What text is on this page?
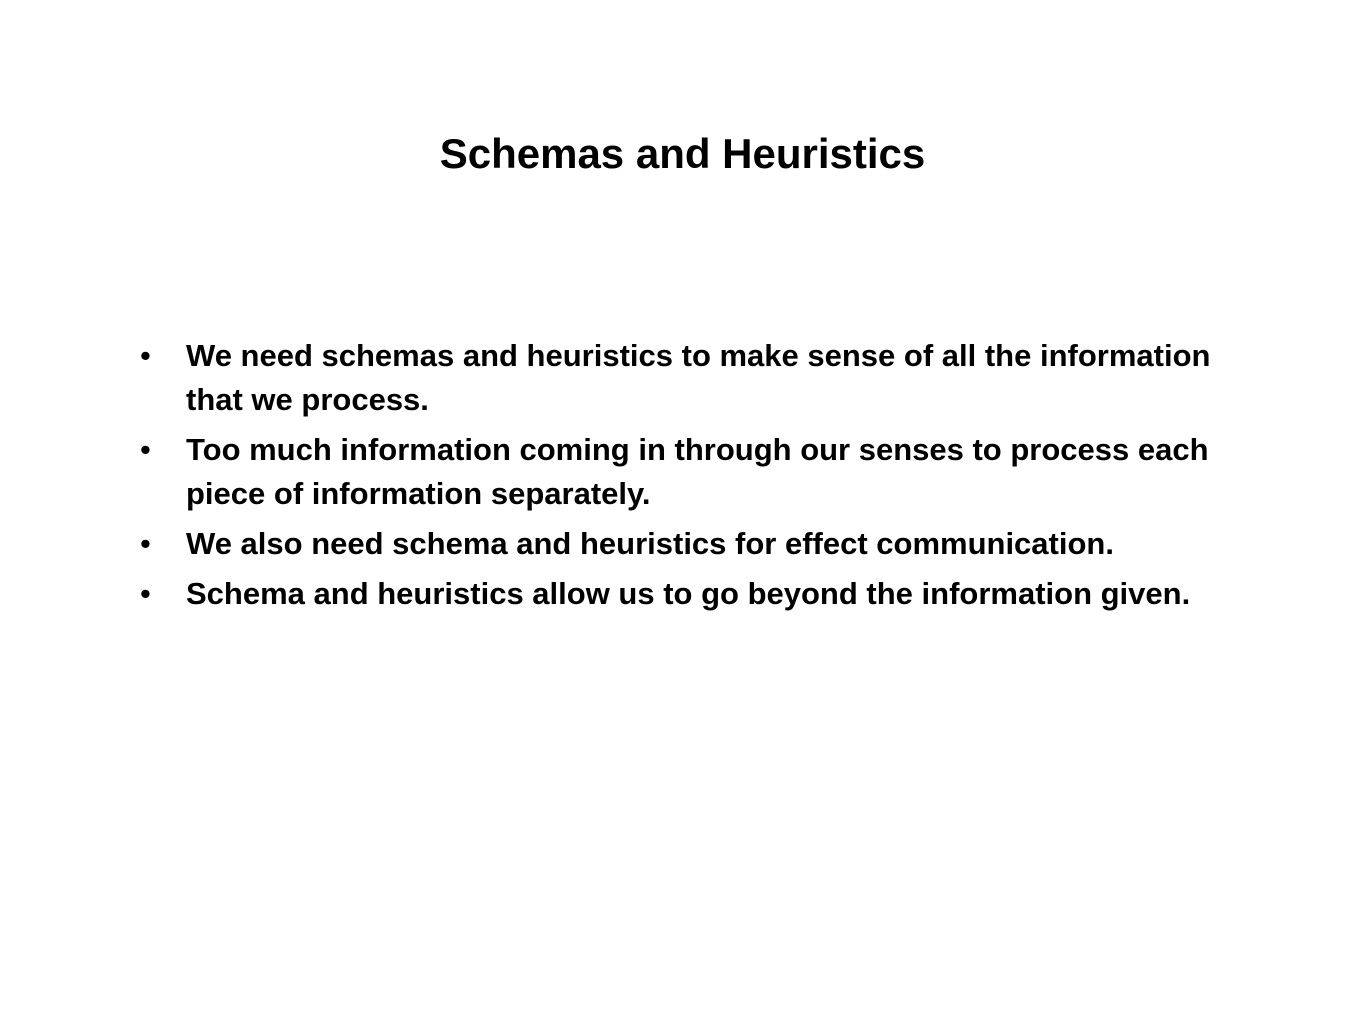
Schemas and Heuristics
• We need schemas and heuristics to make sense of all the information that we process.
• Too much information coming in through our senses to process each piece of information separately.
• We also need schema and heuristics for effect communication.
• Schema and heuristics allow us to go beyond the information given.
